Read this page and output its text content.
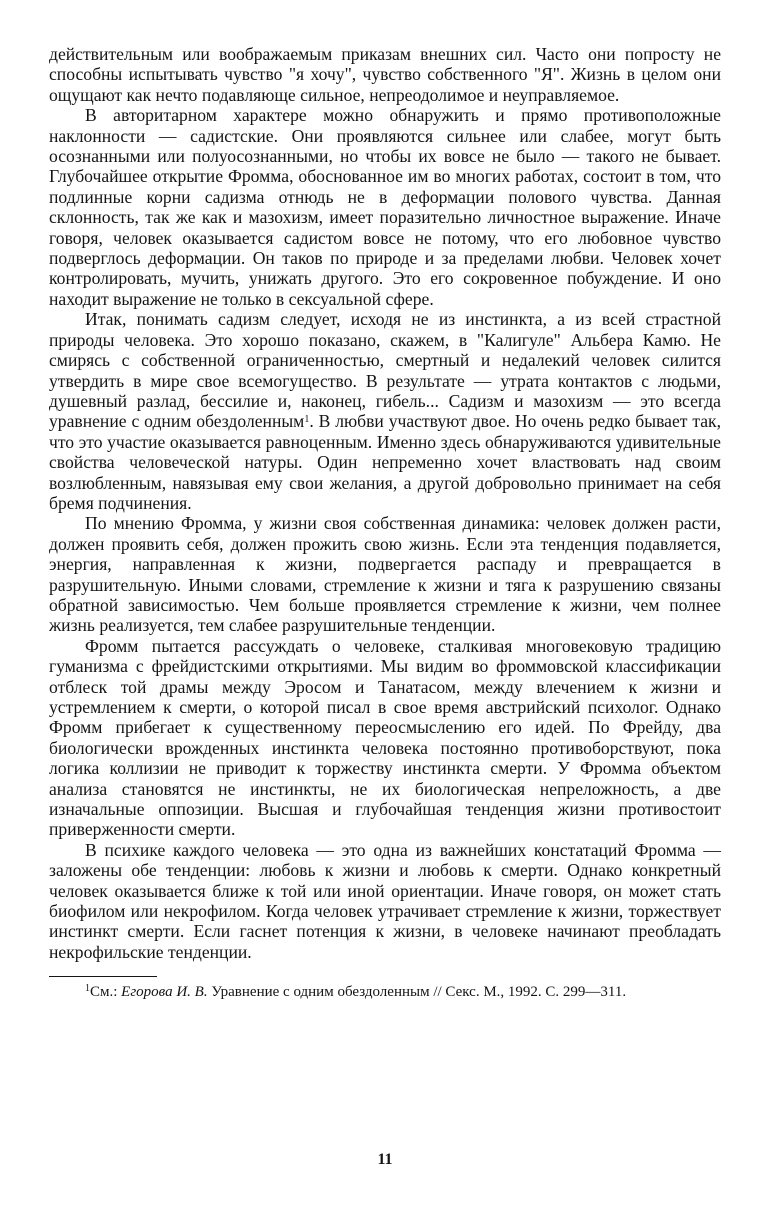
действительным или воображаемым приказам внешних сил. Часто они попросту не способны испытывать чувство "я хочу", чувство собственного "Я". Жизнь в целом они ощущают как нечто подавляюще сильное, непреодолимое и неуправляемое.

В авторитарном характере можно обнаружить и прямо противоположные наклонности — садистские. Они проявляются сильнее или слабее, могут быть осознанными или полуосознанными, но чтобы их вовсе не было — такого не бывает. Глубочайшее открытие Фромма, обоснованное им во многих работах, состоит в том, что подлинные корни садизма отнюдь не в деформации полового чувства. Данная склонность, так же как и мазохизм, имеет поразительно личностное выражение. Иначе говоря, человек оказывается садистом вовсе не потому, что его любовное чувство подверглось деформации. Он таков по природе и за пределами любви. Человек хочет контролировать, мучить, унижать другого. Это его сокровенное побуждение. И оно находит выражение не только в сексуальной сфере.

Итак, понимать садизм следует, исходя не из инстинкта, а из всей страстной природы человека. Это хорошо показано, скажем, в "Калигуле" Альбера Камю. Не смирясь с собственной ограниченностью, смертный и недалекий человек силится утвердить в мире свое всемогущество. В результате — утрата контактов с людьми, душевный разлад, бессилие и, наконец, гибель... Садизм и мазохизм — это всегда уравнение с одним обездоленным$^1$. В любви участвуют двое. Но очень редко бывает так, что это участие оказывается равноценным. Именно здесь обнаруживаются удивительные свойства человеческой натуры. Один непременно хочет властвовать над своим возлюбленным, навязывая ему свои желания, а другой добровольно принимает на себя бремя подчинения.

По мнению Фромма, у жизни своя собственная динамика: человек должен расти, должен проявить себя, должен прожить свою жизнь. Если эта тенденция подавляется, энергия, направленная к жизни, подвергается распаду и превращается в разрушительную. Иными словами, стремление к жизни и тяга к разрушению связаны обратной зависимостью. Чем больше проявляется стремление к жизни, чем полнее жизнь реализуется, тем слабее разрушительные тенденции.

Фромм пытается рассуждать о человеке, сталкивая многовековую традицию гуманизма с фрейдистскими открытиями. Мы видим во фроммовской классификации отблеск той драмы между Эросом и Танатасом, между влечением к жизни и устремлением к смерти, о которой писал в свое время австрийский психолог. Однако Фромм прибегает к существенному переосмыслению его идей. По Фрейду, два биологически врожденных инстинкта человека постоянно противоборствуют, пока логика коллизии не приводит к торжеству инстинкта смерти. У Фромма объектом анализа становятся не инстинкты, не их биологическая непреложность, а две изначальные оппозиции. Высшая и глубочайшая тенденция жизни противостоит приверженности смерти.

В психике каждого человека — это одна из важнейших констатаций Фромма — заложены обе тенденции: любовь к жизни и любовь к смерти. Однако конкретный человек оказывается ближе к той или иной ориентации. Иначе говоря, он может стать биофилом или некрофилом. Когда человек утрачивает стремление к жизни, торжествует инстинкт смерти. Если гаснет потенция к жизни, в человеке начинают преобладать некрофильские тенденции.

$^1$См.: Егорова И. В. Уравнение с одним обездоленным // Секс. М., 1992. С. 299—311.

11
